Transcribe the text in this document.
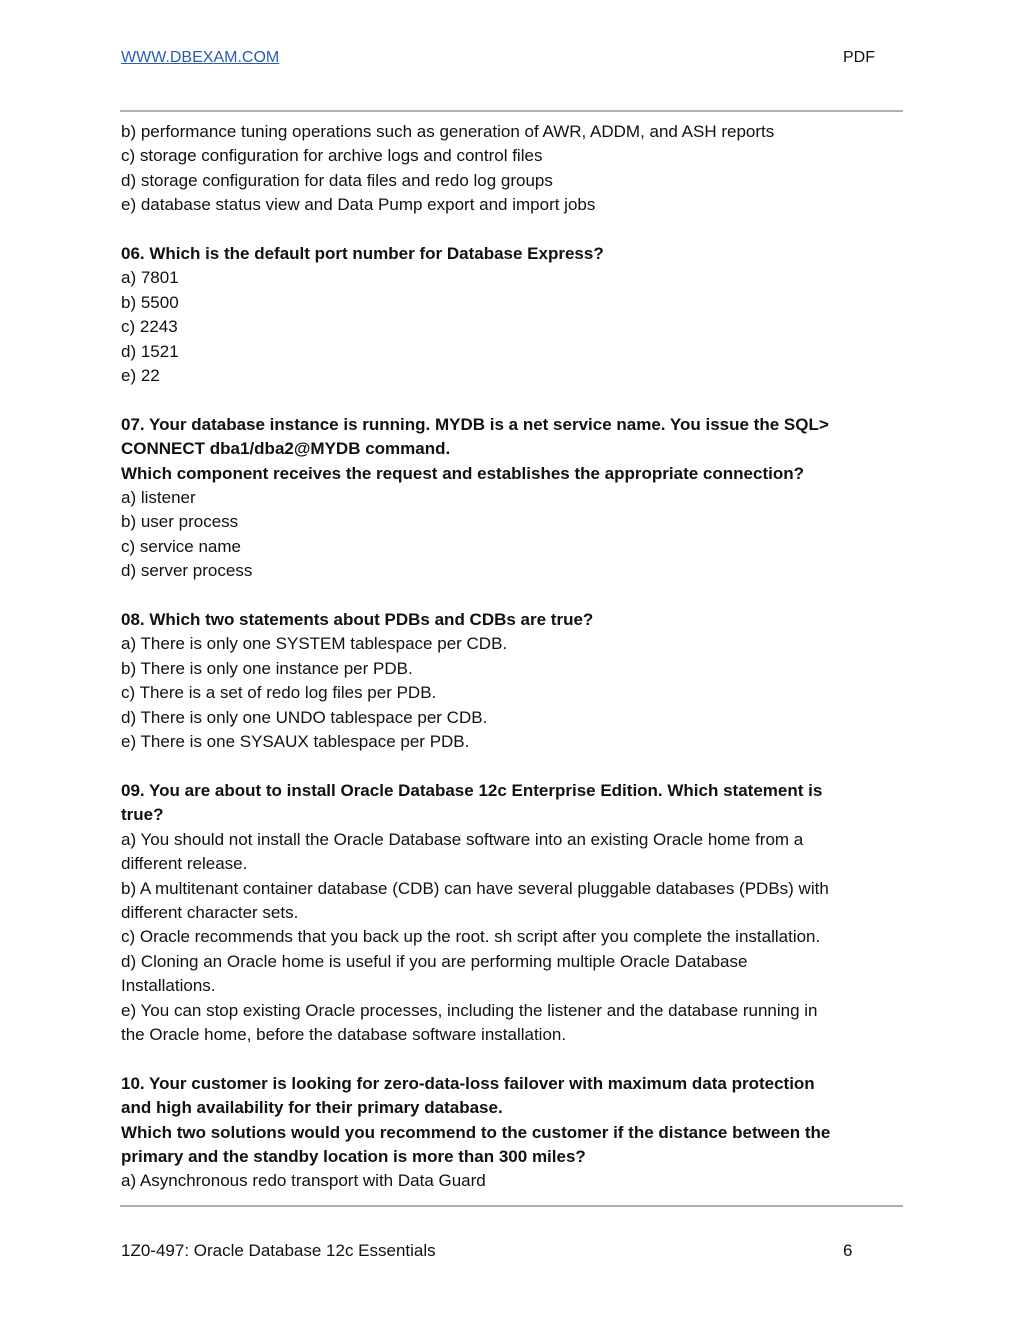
WWW.DBEXAM.COM	PDF

b) performance tuning operations such as generation of AWR, ADDM, and ASH reports

c) storage configuration for archive logs and control files

d) storage configuration for data files and redo log groups

e) database status view and Data Pump export and import jobs

06. Which is the default port number for Database Express?

a) 7801

b) 5500

c) 2243

d) 1521

e) 22

07. Your database instance is running. MYDB is a net service name. You issue the SQL>

CONNECT dba1/dba2@MYDB command.

Which component receives the request and establishes the appropriate connection?

a) listener

b) user process

c) service name

d) server process

08. Which two statements about PDBs and CDBs are true?

a) There is only one SYSTEM tablespace per CDB.

b) There is only one instance per PDB.

c) There is a set of redo log files per PDB.

d) There is only one UNDO tablespace per CDB.

e) There is one SYSAUX tablespace per PDB.

09. You are about to install Oracle Database 12c Enterprise Edition. Which statement is

true?

a) You should not install the Oracle Database software into an existing Oracle home from a

different release.

b) A multitenant container database (CDB) can have several pluggable databases (PDBs) with

different character sets.

c) Oracle recommends that you back up the root. sh script after you complete the installation.

d) Cloning an Oracle home is useful if you are performing multiple Oracle Database

Installations.

e) You can stop existing Oracle processes, including the listener and the database running in

the Oracle home, before the database software installation.

10. Your customer is looking for zero-data-loss failover with maximum data protection

and high availability for their primary database.

Which two solutions would you recommend to the customer if the distance between the

primary and the standby location is more than 300 miles?

a) Asynchronous redo transport with Data Guard

1Z0-497: Oracle Database 12c Essentials	6
